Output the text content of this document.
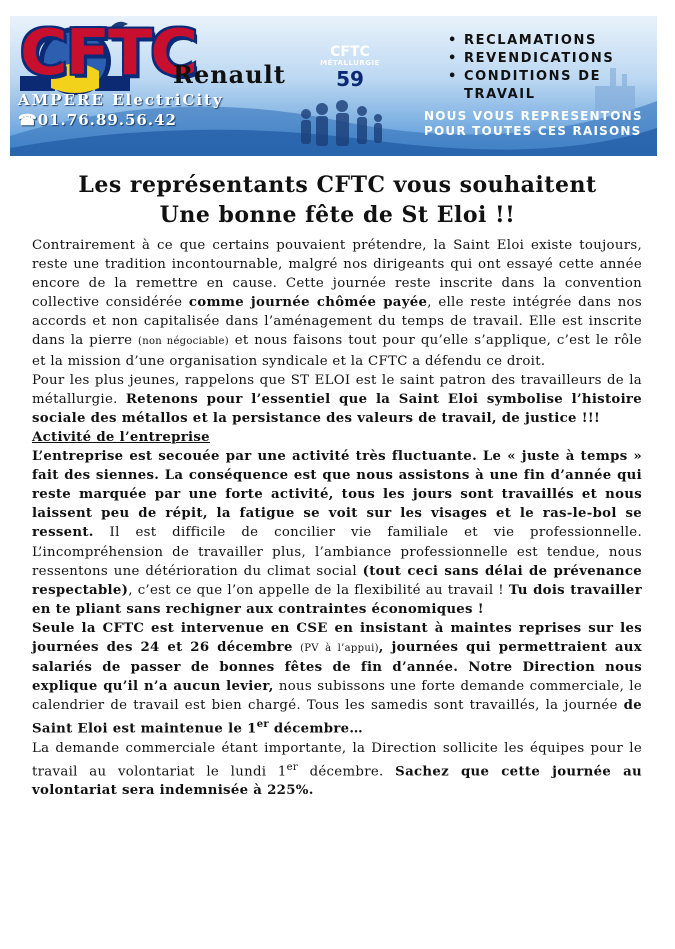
CFTC
MÉTALLURGIE
59
CFTC
Renault
AMPERE ElectriCity
☎01.76.89.56.42
• RECLAMATIONS
• REVENDICATIONS
• CONDITIONS DE TRAVAIL
NOUS VOUS REPRESENTONS POUR TOUTES CES RAISONS
Les représentants CFTC vous souhaitent
Une bonne fête de St Eloi !!

Contrairement à ce que certains pouvaient prétendre, la Saint Eloi existe toujours, reste une tradition incontournable, malgré nos dirigeants qui ont essayé cette année encore de la remettre en cause. Cette journée reste inscrite dans la convention collective considérée comme journée chômée payée, elle reste intégrée dans nos accords et non capitalisée dans l’aménagement du temps de travail. Elle est inscrite dans la pierre (non négociable) et nous faisons tout pour qu’elle s’applique, c’est le rôle et la mission d’une organisation syndicale et la CFTC a défendu ce droit.

Pour les plus jeunes, rappelons que ST ELOI est le saint patron des travailleurs de la métallurgie. Retenons pour l’essentiel que la Saint Eloi symbolise l’histoire sociale des métallos et la persistance des valeurs de travail, de justice !!!

Activité de l’entreprise

L’entreprise est secouée par une activité très fluctuante. Le « juste à temps » fait des siennes. La conséquence est que nous assistons à une fin d’année qui reste marquée par une forte activité, tous les jours sont travaillés et nous laissent peu de répit, la fatigue se voit sur les visages et le ras-le-bol se ressent. Il est difficile de concilier vie familiale et vie professionnelle. L’incompréhension de travailler plus, l’ambiance professionnelle est tendue, nous ressentons une détérioration du climat social (tout ceci sans délai de prévenance respectable), c’est ce que l’on appelle de la flexibilité au travail ! Tu dois travailler en te pliant sans rechigner aux contraintes économiques !

Seule la CFTC est intervenue en CSE en insistant à maintes reprises sur les journées des 24 et 26 décembre (PV à l’appui), journées qui permettraient aux salariés de passer de bonnes fêtes de fin d’année. Notre Direction nous explique qu’il n’a aucun levier, nous subissons une forte demande commerciale, le calendrier de travail est bien chargé. Tous les samedis sont travaillés, la journée de Saint Eloi est maintenue le 1er décembre…

La demande commerciale étant importante, la Direction sollicite les équipes pour le travail au volontariat le lundi 1er décembre. Sachez que cette journée au volontariat sera indemnisée à 225%.
